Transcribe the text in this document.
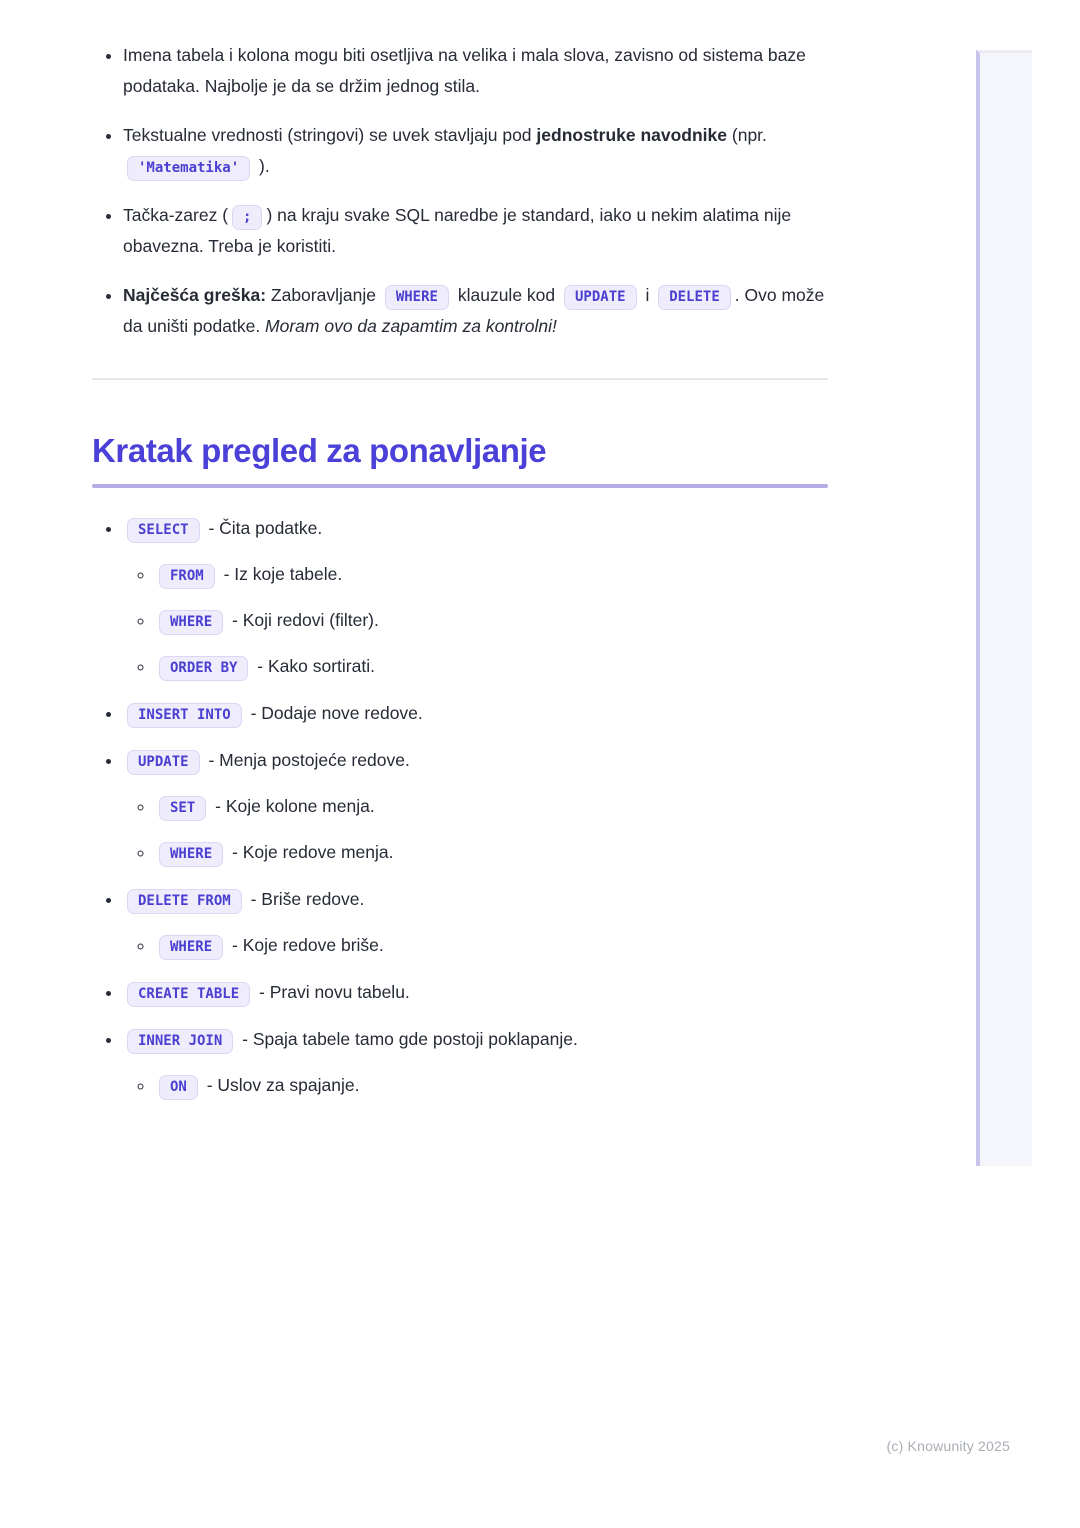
• Imena tabela i kolona mogu biti osetljiva na velika i mala slova, zavisno od sistema baze podataka. Najbolje je da se držim jednog stila.
• Tekstualne vrednosti (stringovi) se uvek stavljaju pod jednostruke navodnike (npr. 'Matematika' ).
• Tačka-zarez ( ; ) na kraju svake SQL naredbe je standard, iako u nekim alatima nije obavezna. Treba je koristiti.
• Najčešća greška: Zaboravljanje WHERE klauzule kod UPDATE i DELETE . Ovo može da uništi podatke. Moram ovo da zapamtim za kontrolni!
Kratak pregled za ponavljanje
• SELECT - Čita podatke.
◦ FROM - Iz koje tabele.
◦ WHERE - Koji redovi (filter).
◦ ORDER BY - Kako sortirati.
• INSERT INTO - Dodaje nove redove.
• UPDATE - Menja postojeće redove.
◦ SET - Koje kolone menja.
◦ WHERE - Koje redove menja.
• DELETE FROM - Briše redove.
◦ WHERE - Koje redove briše.
• CREATE TABLE - Pravi novu tabelu.
• INNER JOIN - Spaja tabele tamo gde postoji poklapanje.
◦ ON - Uslov za spajanje.
(c) Knowunity 2025
